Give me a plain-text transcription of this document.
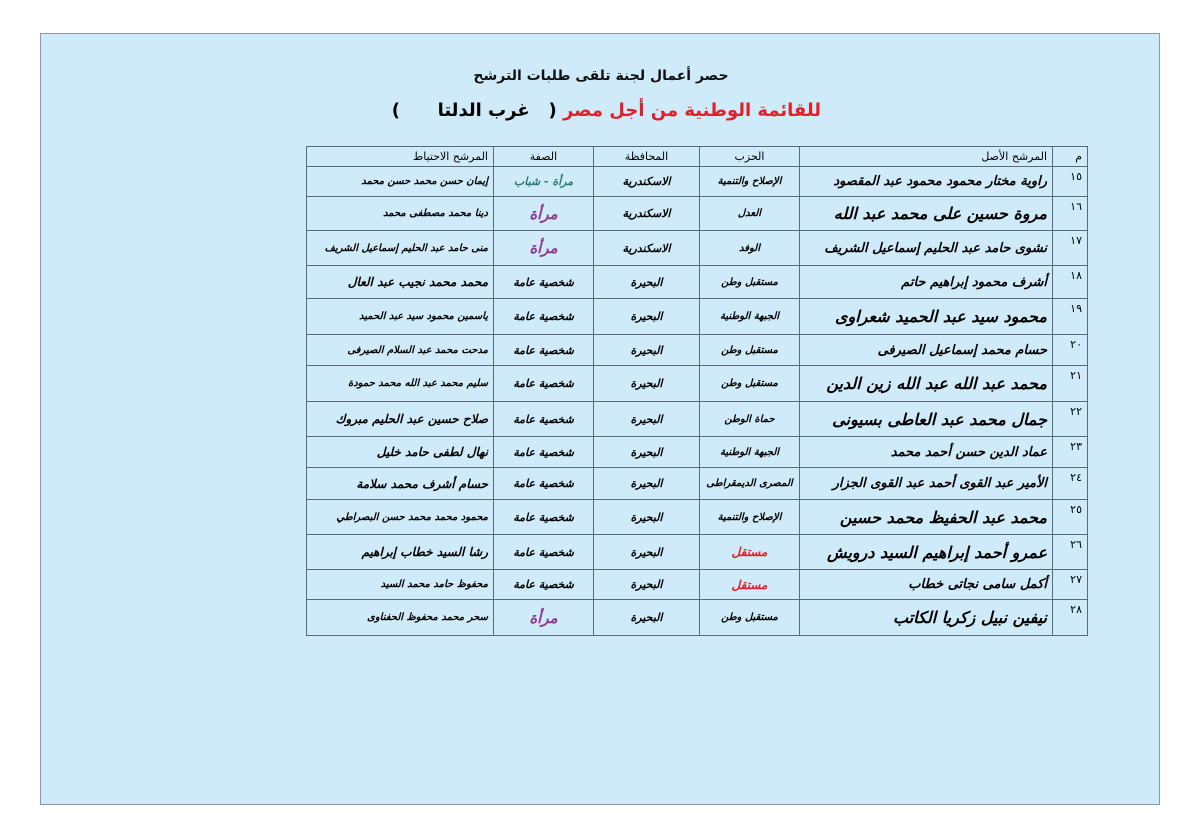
حصر أعمال لجنة تلقى طلبات الترشح
للقائمة الوطنية من أجل مصر (   غرب الدلتا      )
م	المرشح الأصل	الحزب	المحافظة	الصفة	المرشح الاحتياط
١٥	راوية مختار محمود محمود عبد المقصود	الإصلاح والتنمية	الاسكندرية	مرأة - شباب	إيمان حسن محمد حسن محمد
١٦	مروة حسين على محمد عبد الله	العدل	الاسكندرية	مرأة	دينا محمد مصطفى محمد
١٧	نشوى حامد عبد الحليم إسماعيل الشريف	الوفد	الاسكندرية	مرأة	منى حامد عبد الحليم إسماعيل الشريف
١٨	أشرف محمود إبراهيم حاتم	مستقبل وطن	البحيرة	شخصية عامة	محمد محمد نجيب عبد العال
١٩	محمود سيد عبد الحميد شعراوى	الجبهة الوطنية	البحيرة	شخصية عامة	ياسمين محمود سيد عبد الحميد
٢٠	حسام محمد إسماعيل الصيرفى	مستقبل وطن	البحيرة	شخصية عامة	مدحت محمد عبد السلام الصيرفى
٢١	محمد عبد الله عبد الله زين الدين	مستقبل وطن	البحيرة	شخصية عامة	سليم محمد عبد الله محمد حمودة
٢٢	جمال محمد عبد العاطى بسيونى	حماة الوطن	البحيرة	شخصية عامة	صلاح حسين عبد الحليم مبروك
٢٣	عماد الدين حسن أحمد محمد	الجبهة الوطنية	البحيرة	شخصية عامة	نهال لطفى حامد خليل
٢٤	الأمير عبد القوى أحمد عبد القوى الجزار	المصرى الديمقراطى	البحيرة	شخصية عامة	حسام أشرف محمد سلامة
٢٥	محمد عبد الحفيظ محمد حسين	الإصلاح والتنمية	البحيرة	شخصية عامة	محمود محمد محمد حسن البصراطي
٢٦	عمرو أحمد إبراهيم السيد درويش	مستقل	البحيرة	شخصية عامة	رشا السيد خطاب إبراهيم
٢٧	أكمل سامى نجاتى خطاب	مستقل	البحيرة	شخصية عامة	محفوظ حامد محمد السيد
٢٨	نيفين نبيل زكريا الكاتب	مستقبل وطن	البحيرة	مرأة	سحر محمد محفوظ الحفناوى
